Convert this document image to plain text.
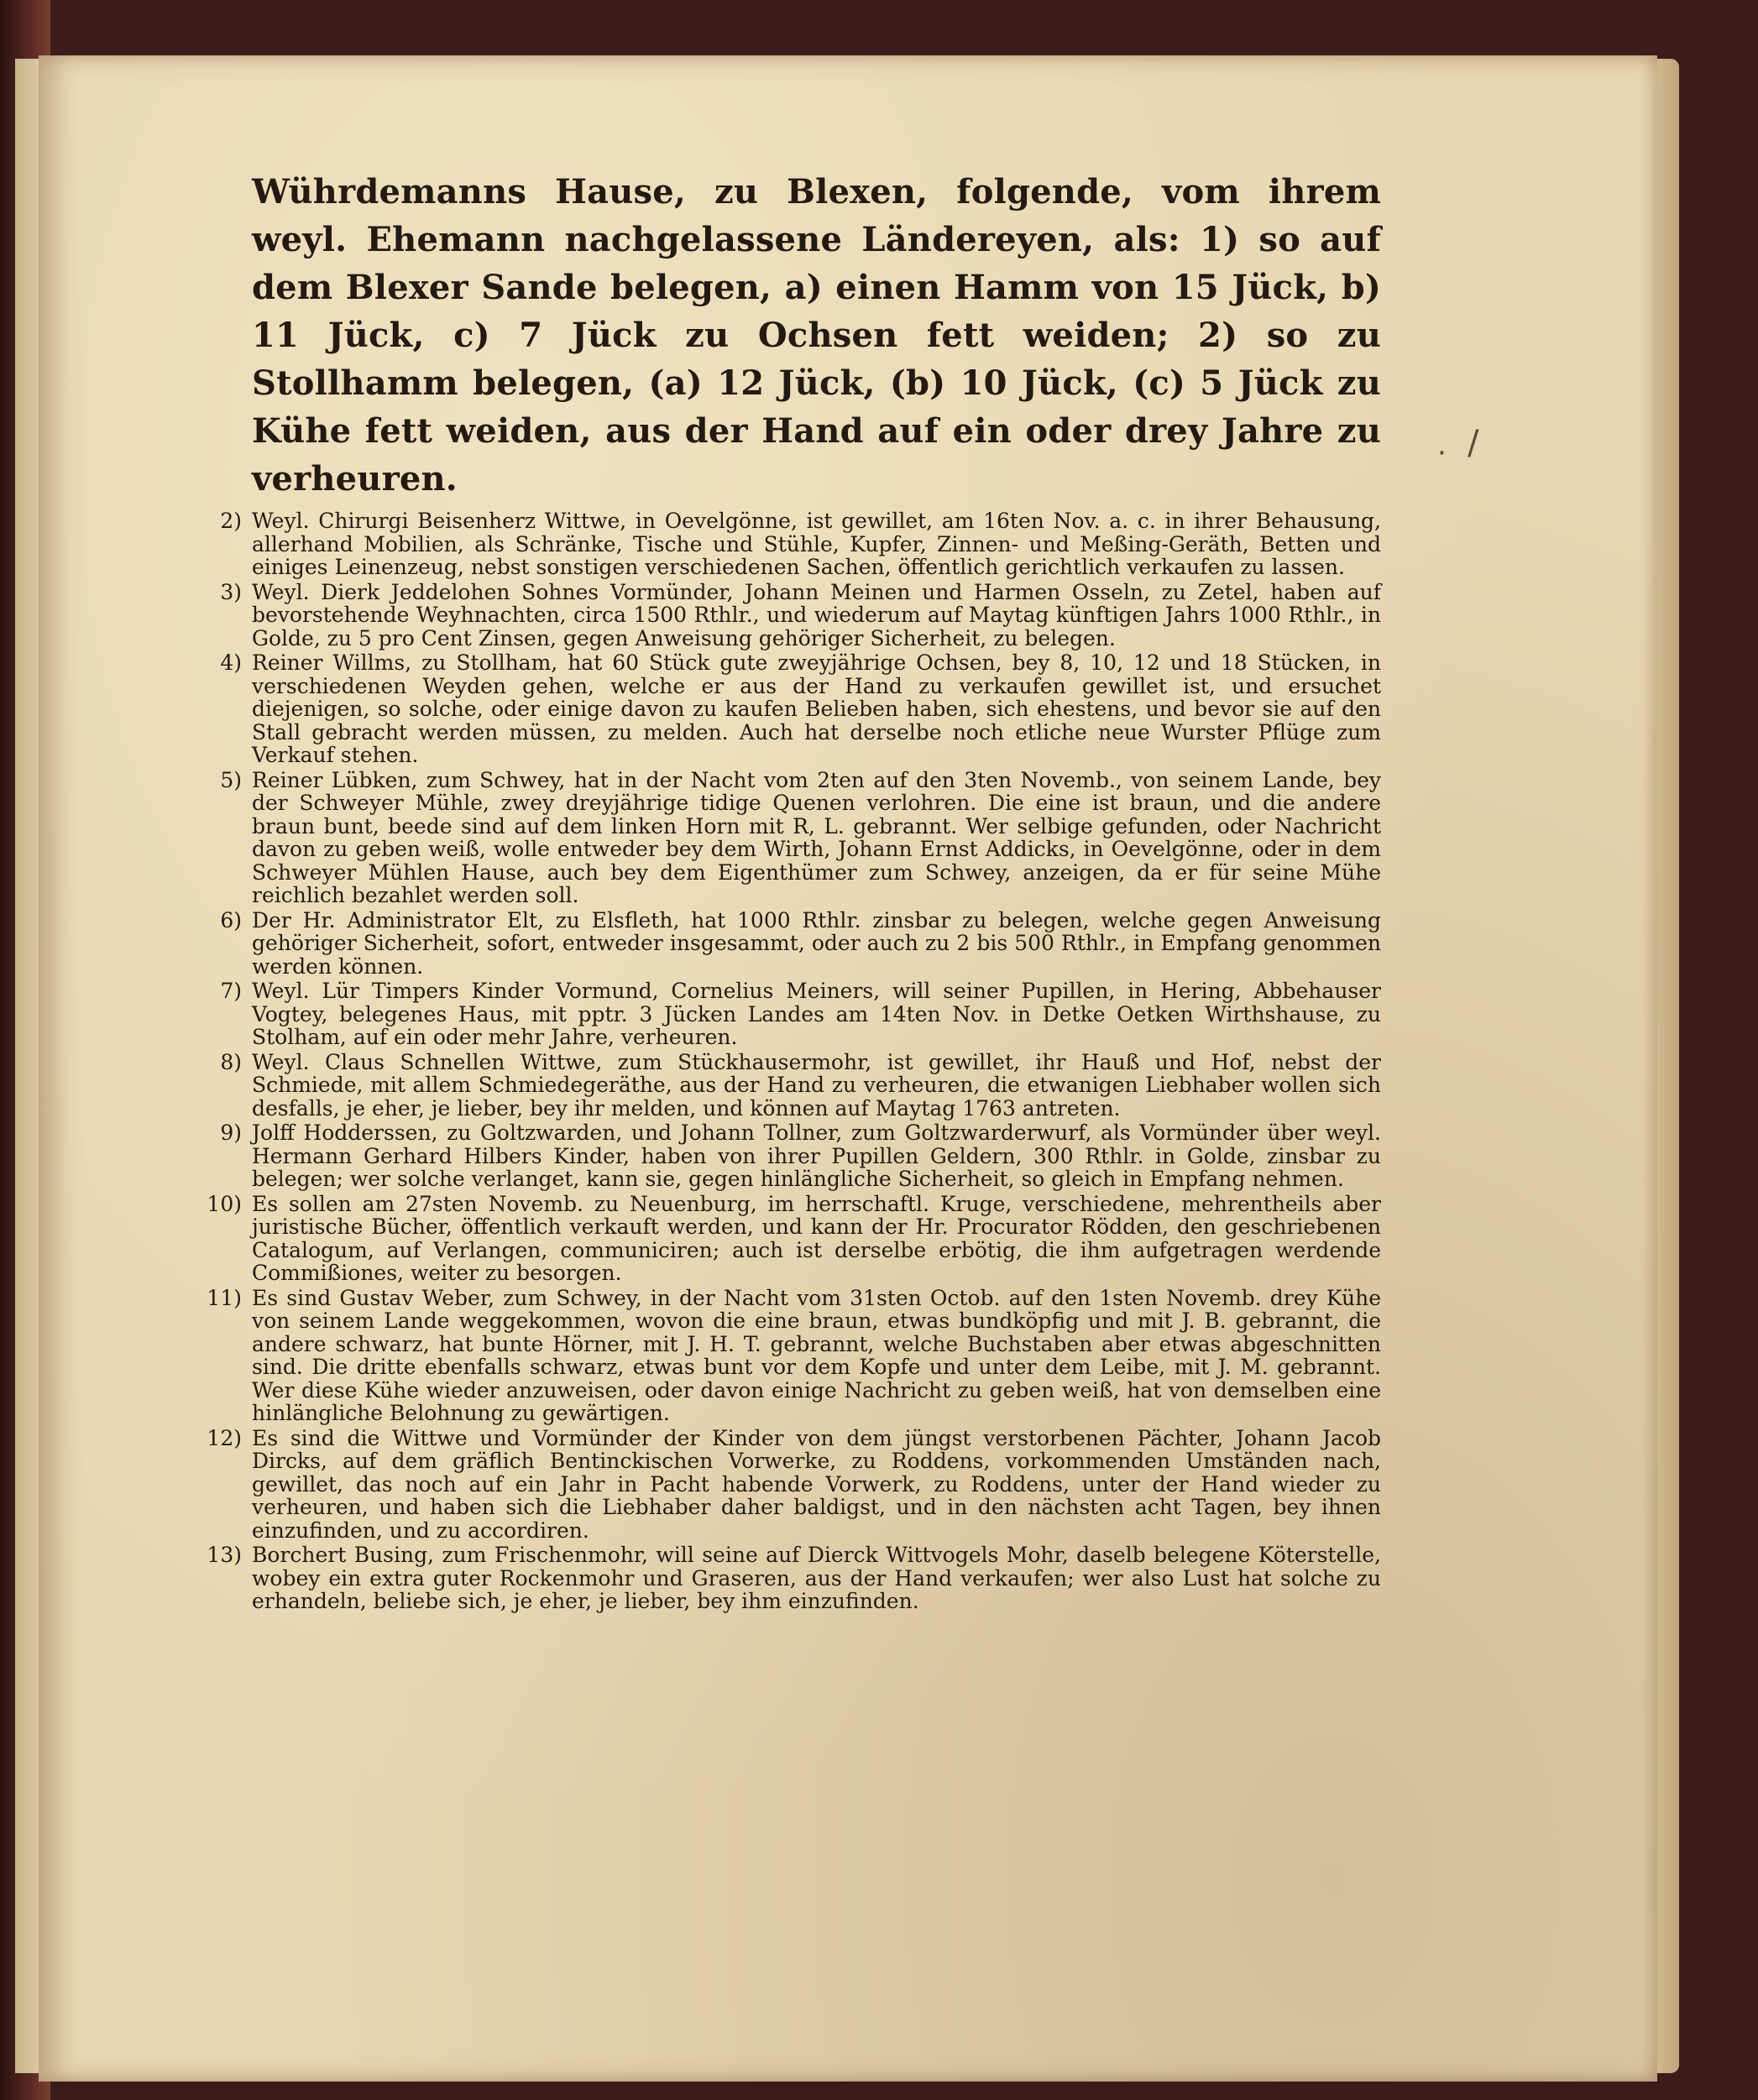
Wührdemanns Hause, zu Blexen, folgende, vom ihrem weyl. Ehemann nachgelassene Ländereyen, als: 1) so auf dem Blexer Sande belegen, a) einen Hamm von 15 Jück, b) 11 Jück, c) 7 Jück zu Ochsen fett weiden; 2) so zu Stollhamm belegen, (a) 12 Jück, (b) 10 Jück, (c) 5 Jück zu Kühe fett weiden, aus der Hand auf ein oder drey Jahre zu verheuren.
2) Weyl. Chirurgi Beisenherz Wittwe, in Oevelgönne, ist gewillet, am 16ten Nov. a. c. in ihrer Behausung, allerhand Mobilien, als Schränke, Tische und Stühle, Kupfer, Zinnen- und Meßing-Geräth, Betten und einiges Leinenzeug, nebst sonstigen verschiedenen Sachen, öffentlich gerichtlich verkaufen zu lassen.
3) Weyl. Dierk Jeddelohen Sohnes Vormünder, Johann Meinen und Harmen Osseln, zu Zetel, haben auf bevorstehende Weyhnachten, circa 1500 Rthlr., und wiederum auf Maytag künftigen Jahrs 1000 Rthlr., in Golde, zu 5 pro Cent Zinsen, gegen Anweisung gehöriger Sicherheit, zu belegen.
4) Reiner Willms, zu Stollham, hat 60 Stück gute zweyjährige Ochsen, bey 8, 10, 12 und 18 Stücken, in verschiedenen Weyden gehen, welche er aus der Hand zu verkaufen gewillet ist, und ersuchet diejenigen, so solche, oder einige davon zu kaufen Belieben haben, sich ehestens, und bevor sie auf den Stall gebracht werden müssen, zu melden. Auch hat derselbe noch etliche neue Wurster Pflüge zum Verkauf stehen.
5) Reiner Lübken, zum Schwey, hat in der Nacht vom 2ten auf den 3ten Novemb., von seinem Lande, bey der Schweyer Mühle, zwey dreyjährige tidige Quenen verlohren. Die eine ist braun, und die andere braun bunt, beede sind auf dem linken Horn mit R, L. gebrannt. Wer selbige gefunden, oder Nachricht davon zu geben weiß, wolle entweder bey dem Wirth, Johann Ernst Addicks, in Oevelgönne, oder in dem Schweyer Mühlen Hause, auch bey dem Eigenthümer zum Schwey, anzeigen, da er für seine Mühe reichlich bezahlet werden soll.
6) Der Hr. Administrator Elt, zu Elsfleth, hat 1000 Rthlr. zinsbar zu belegen, welche gegen Anweisung gehöriger Sicherheit, sofort, entweder insgesammt, oder auch zu 2 bis 500 Rthlr., in Empfang genommen werden können.
7) Weyl. Lür Timpers Kinder Vormund, Cornelius Meiners, will seiner Pupillen, in Hering, Abbehauser Vogtey, belegenes Haus, mit pptr. 3 Jücken Landes am 14ten Nov. in Detke Oetken Wirthshause, zu Stolham, auf ein oder mehr Jahre, verheuren.
8) Weyl. Claus Schnellen Wittwe, zum Stückhausermohr, ist gewillet, ihr Hauß und Hof, nebst der Schmiede, mit allem Schmiedegeräthe, aus der Hand zu verheuren, die etwanigen Liebhaber wollen sich desfalls, je eher, je lieber, bey ihr melden, und können auf Maytag 1763 antreten.
9) Jolff Hodderssen, zu Goltzwarden, und Johann Tollner, zum Goltzwarderwurf, als Vormünder über weyl. Hermann Gerhard Hilbers Kinder, haben von ihrer Pupillen Geldern, 300 Rthlr. in Golde, zinsbar zu belegen; wer solche verlanget, kann sie, gegen hinlängliche Sicherheit, so gleich in Empfang nehmen.
10) Es sollen am 27sten Novemb. zu Neuenburg, im herrschaftl. Kruge, verschiedene, mehrentheils aber juristische Bücher, öffentlich verkauft werden, und kann der Hr. Procurator Rödden, den geschriebenen Catalogum, auf Verlangen, communiciren; auch ist derselbe erbötig, die ihm aufgetragen werdende Commißiones, weiter zu besorgen.
11) Es sind Gustav Weber, zum Schwey, in der Nacht vom 31sten Octob. auf den 1sten Novemb. drey Kühe von seinem Lande weggekommen, wovon die eine braun, etwas bundköpfig und mit J. B. gebrannt, die andere schwarz, hat bunte Hörner, mit J. H. T. gebrannt, welche Buchstaben aber etwas abgeschnitten sind. Die dritte ebenfalls schwarz, etwas bunt vor dem Kopfe und unter dem Leibe, mit J. M. gebrannt. Wer diese Kühe wieder anzuweisen, oder davon einige Nachricht zu geben weiß, hat von demselben eine hinlängliche Belohnung zu gewärtigen.
12) Es sind die Wittwe und Vormünder der Kinder von dem jüngst verstorbenen Pächter, Johann Jacob Dircks, auf dem gräflich Bentinckischen Vorwerke, zu Roddens, vorkommenden Umständen nach, gewillet, das noch auf ein Jahr in Pacht habende Vorwerk, zu Roddens, unter der Hand wieder zu verheuren, und haben sich die Liebhaber daher baldigst, und in den nächsten acht Tagen, bey ihnen einzufinden, und zu accordiren.
13) Borchert Busing, zum Frischenmohr, will seine auf Dierck Wittvogels Mohr, daselb belegene Köterstelle, wobey ein extra guter Rockenmohr und Graseren, aus der Hand verkaufen; wer also Lust hat solche zu erhandeln, beliebe sich, je eher, je lieber, bey ihm einzufinden.
· /
